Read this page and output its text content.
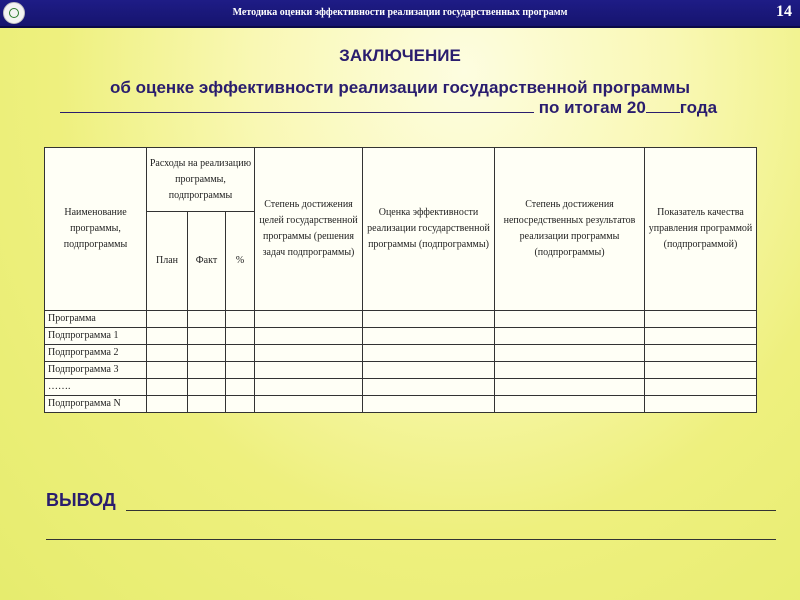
Методика оценки эффективности реализации государственных программ	14
ЗАКЛЮЧЕНИЕ
об оценке эффективности реализации государственной программы
по итогам 20 года
Наименование программы, подпрограммы	Расходы на реализацию программы, подпрограммы			Степень достижения целей государственной программы (решения задач подпрограммы)	Оценка эффективности реализации государственной программы (подпрограммы)	Степень достижения непосредственных результатов реализации программы (подпрограммы)	Показатель качества управления программой (подпрограммой)
	План	Факт	%				
Программа							
Подпрограмма 1							
Подпрограмма 2							
Подпрограмма 3							
…….							
Подпрограмма N							
ВЫВОД
